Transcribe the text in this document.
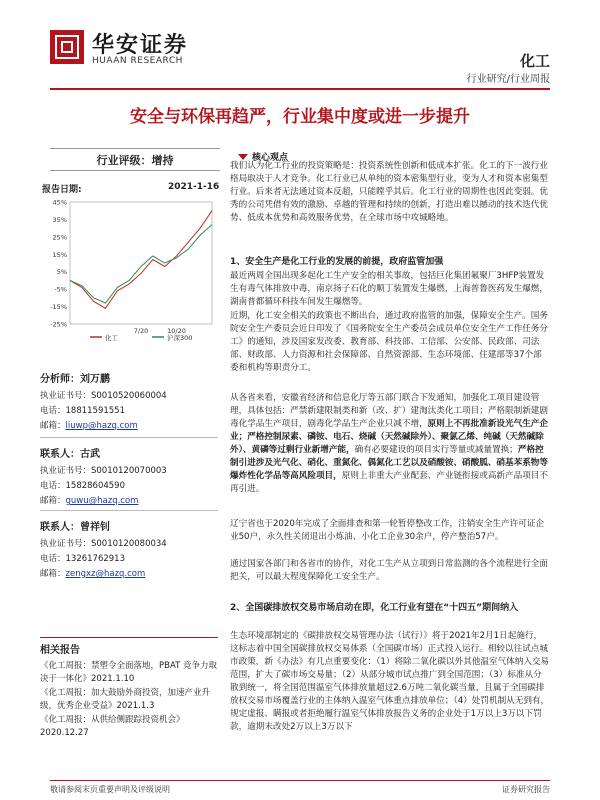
华安证券
HUAAN RESEARCH	化工
行业研究/行业周报
安全与环保再趋严，行业集中度或进一步提升
行业评级：增持
报告日期:	2021-1-16
45%
35%
25%
15%
5%
-5%
-15%
-25%
7/20	10/20
化工	沪深300
分析师：刘万鹏
执业证书号：S0010520060004
电话：18811591551
邮箱：liuwp@hazq.com
联系人：古武
执业证书号：S0010120070003
电话：15828604590
邮箱：guwu@hazq.com
联系人：曾祥钊
执业证书号：S0010120080034
电话：13261762913
邮箱：zengxz@hazq.com
相关报告
《化工周报：禁塑令全面落地，PBAT 竞争力取决于一体化》2021.1.10
《化工周报：加大鼓励外商投资，加速产业升级，优秀企业受益》2021.1.3
《化工周报：从供给侧跟踪投资机会》2020.12.27
核心观点
我们认为化工行业的投资策略是：投资系统性创新和低成本扩张。化工的下一波行业格局取决于人才竞争。化工行业已从单纯的资本密集型行业，变为人才和资本密集型行业。后来者无法通过资本反超，只能瞠乎其后。化工行业的周期性也因此变弱。优秀的公司凭借有效的激励、卓越的管理和持续的创新，打造出难以撼动的技术迭代优势、低成本优势和高效服务优势，在全球市场中攻城略地。
1、安全生产是化工行业的发展的前提，政府监管加强
最近两周全国出现多起化工生产安全的相关事故，包括巨化集团氟聚厂3HFP装置发生有毒气体排放中毒，南京扬子石化的顺丁装置发生爆燃，上海普鲁医药发生爆燃，湖南普都循环科技车间发生爆燃等。
近期，化工安全相关的政策也不断出台，通过政府监管的加强，保障安全生产。国务院安全生产委员会近日印发了《国务院安全生产委员会成员单位安全生产工作任务分工》的通知，涉及国家发改委、教育部、科技部、工信部、公安部、民政部、司法部、财政部、人力资源和社会保障部、自然资源部、生态环境部、住建部等37个部委和机构等职责分工。
从各省来看，安徽省经济和信息化厅等五部门联合下发通知，加强化工项目建设管理，具体包括：严禁新建限制类和新（改、扩）建淘汰类化工项目；严格限制新建剧毒化学品生产项目，剧毒化学品生产企业只减不增，原则上不再批准新设光气生产企业；严格控制尿素、磷铵、电石、烧碱（天然碱除外）、聚氯乙烯、纯碱（天然碱除外）、黄磷等过剩行业新增产能，确有必要建设的项目实行等量或减量置换；严格控制引进涉及光气化、硝化、重氮化、偶氮化工艺以及硝酸铵、硝酸胍、硝基苯系物等爆炸性化学品等高风险项目，原则上非重大产业配套、产业链衔接或高新产品项目不再引进。
辽宁省也于2020年完成了全面排查和第一轮暂停整改工作，注销安全生产许可证企业50户，永久性关闭退出小炼油、小化工企业30余户，停产整治57户。
通过国家各部门和各省市的协作，对化工生产从立项到日常监测的各个流程进行全面把关，可以最大程度保障化工安全生产。
2、全国碳排放权交易市场启动在即，化工行业有望在“十四五”期间纳入
生态环境部制定的《碳排放权交易管理办法（试行）》将于2021年2月1日起施行，这标志着中国全国碳排放权交易体系（全国碳市场）正式投入运行。相较以往试点城市政策，新《办法》有几点重要变化：（1）将除二氧化碳以外其他温室气体纳入交易范围，扩大了碳市场交易量；（2）从部分城市试点推广到全国范围；（3）标准从分散到统一，将全国范围温室气体排放量超过2.6万吨二氧化碳当量，且属于全国碳排放权交易市场覆盖行业的主体纳入温室气体重点排放单位；（4）处罚机制从无到有，规定虚报、瞒报或者拒绝履行温室气体排放报告义务的企业处于1万以上3万以下罚款，逾期未改处2万以上3万以下
敬请参阅末页重要声明及评级说明	证券研究报告
